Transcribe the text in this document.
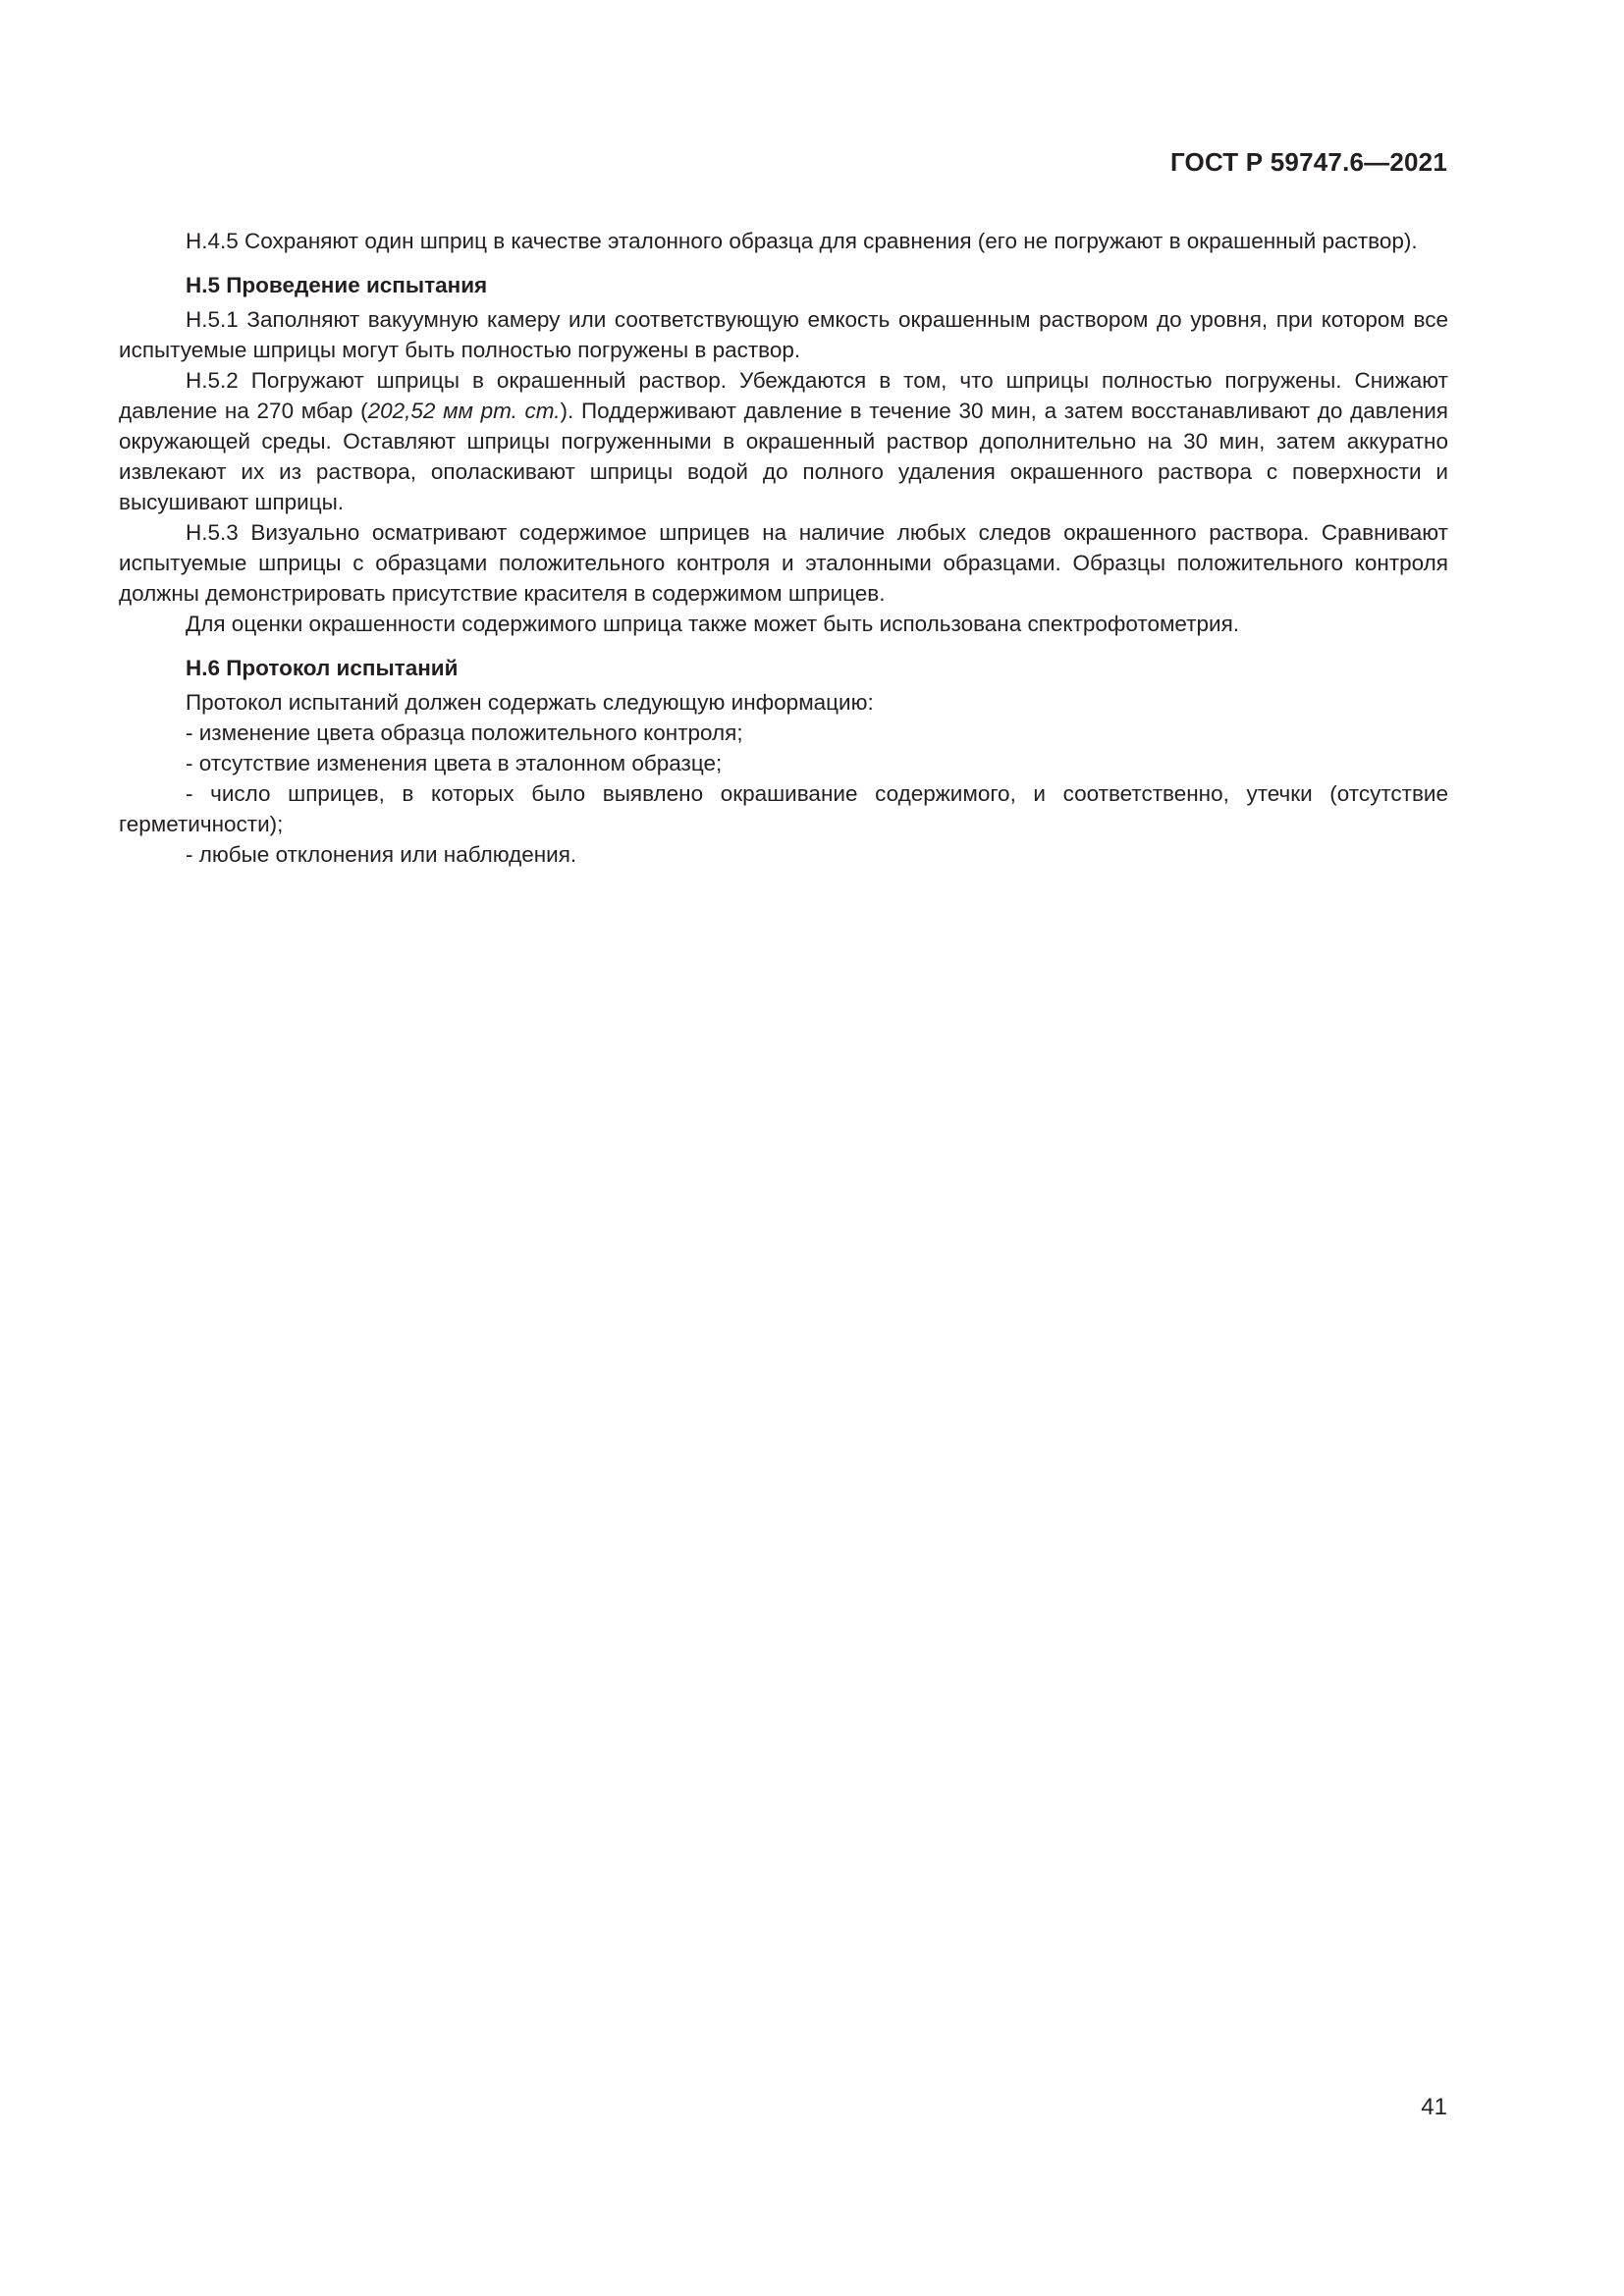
ГОСТ Р 59747.6—2021

Н.4.5 Сохраняют один шприц в качестве эталонного образца для сравнения (его не погружают в окрашенный раствор).

Н.5 Проведение испытания

Н.5.1 Заполняют вакуумную камеру или соответствующую емкость окрашенным раствором до уровня, при котором все испытуемые шприцы могут быть полностью погружены в раствор.

Н.5.2 Погружают шприцы в окрашенный раствор. Убеждаются в том, что шприцы полностью погружены. Снижают давление на 270 мбар (202,52 мм рт. ст.). Поддерживают давление в течение 30 мин, а затем восстанавливают до давления окружающей среды. Оставляют шприцы погруженными в окрашенный раствор дополнительно на 30 мин, затем аккуратно извлекают их из раствора, ополаскивают шприцы водой до полного удаления окрашенного раствора с поверхности и высушивают шприцы.

Н.5.3 Визуально осматривают содержимое шприцев на наличие любых следов окрашенного раствора. Сравнивают испытуемые шприцы с образцами положительного контроля и эталонными образцами. Образцы положительного контроля должны демонстрировать присутствие красителя в содержимом шприцев.

Для оценки окрашенности содержимого шприца также может быть использована спектрофотометрия.

Н.6 Протокол испытаний

Протокол испытаний должен содержать следующую информацию:

- изменение цвета образца положительного контроля;

- отсутствие изменения цвета в эталонном образце;

- число шприцев, в которых было выявлено окрашивание содержимого, и соответственно, утечки (отсутствие герметичности);

- любые отклонения или наблюдения.

41
